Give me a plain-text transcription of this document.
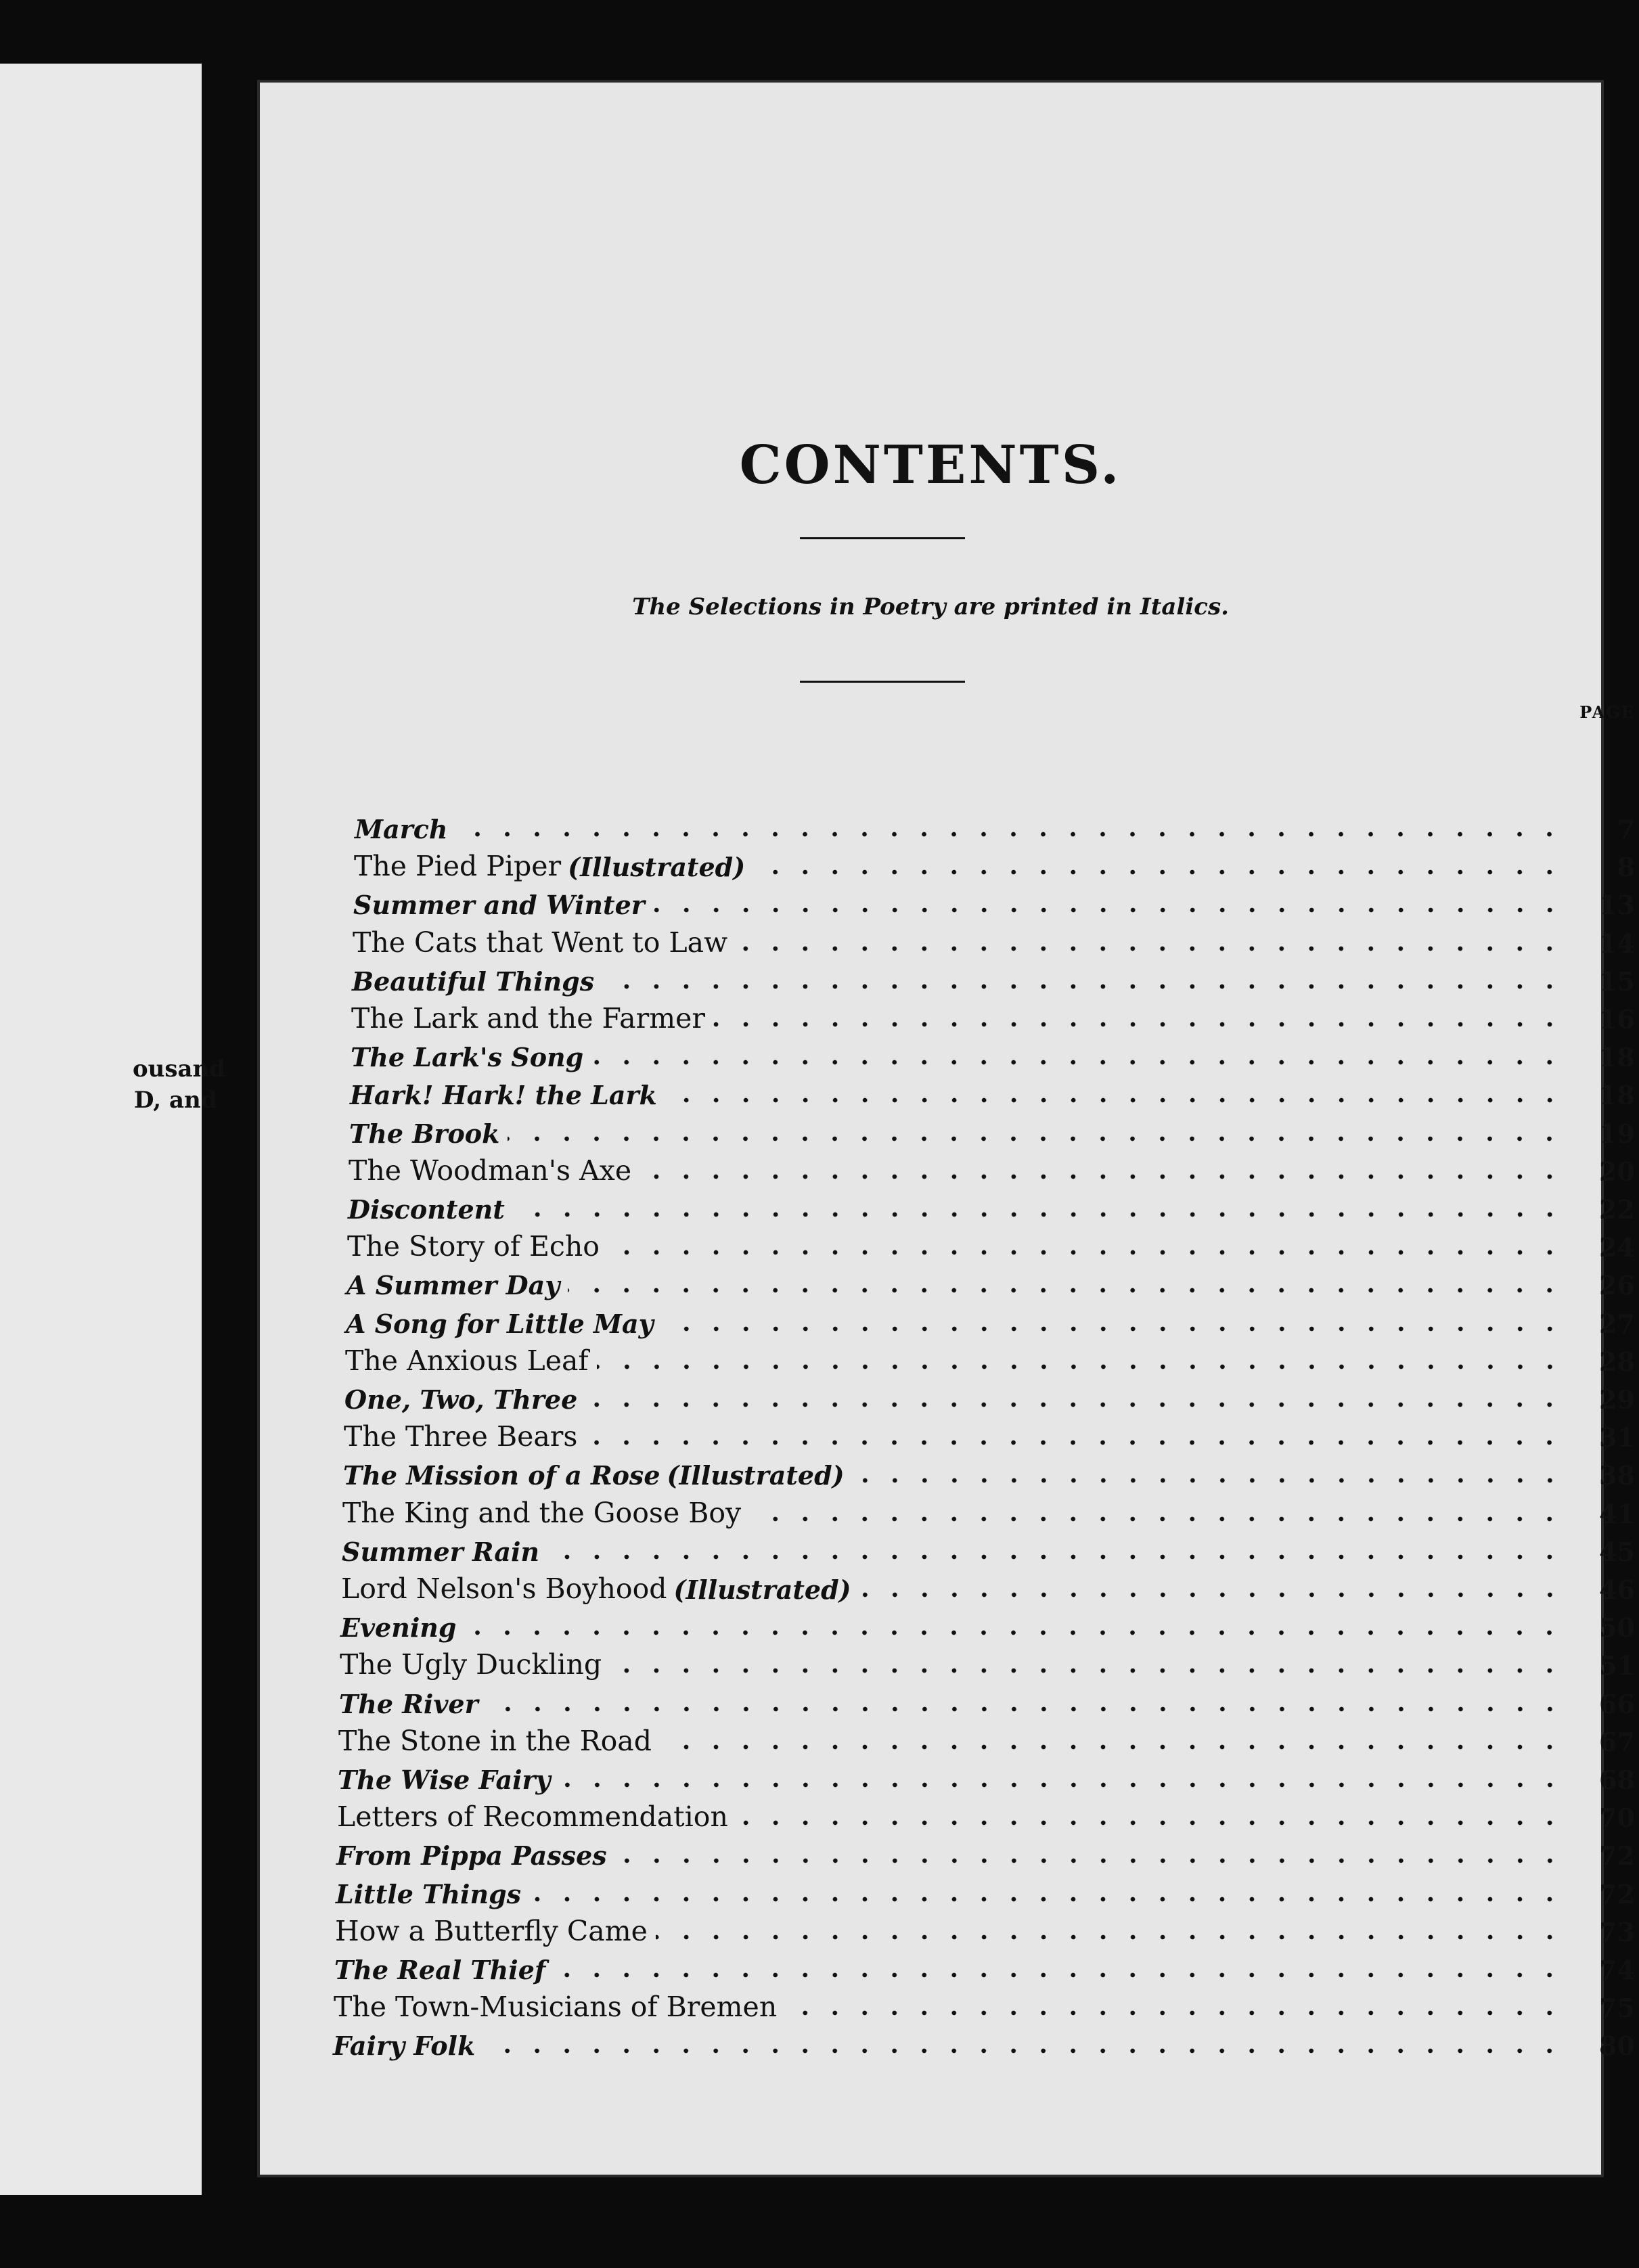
ousand
D, and
CONTENTS.
The Selections in Poetry are printed in Italics.
PAGE
March	7
The Pied Piper (Illustrated)	8
Summer and Winter	13
The Cats that Went to Law	14
Beautiful Things	15
The Lark and the Farmer	16
The Lark's Song	18
Hark! Hark! the Lark	18
The Brook	19
The Woodman's Axe	20
Discontent	22
The Story of Echo	24
A Summer Day	26
A Song for Little May	27
The Anxious Leaf	28
One, Two, Three	29
The Three Bears	31
The Mission of a Rose (Illustrated)	38
The King and the Goose Boy	41
Summer Rain	45
Lord Nelson's Boyhood (Illustrated)	46
Evening	50
The Ugly Duckling	51
The River	66
The Stone in the Road	67
The Wise Fairy	68
Letters of Recommendation	70
From Pippa Passes	72
Little Things	72
How a Butterfly Came	73
The Real Thief	74
The Town-Musicians of Bremen	75
Fairy Folk	80
